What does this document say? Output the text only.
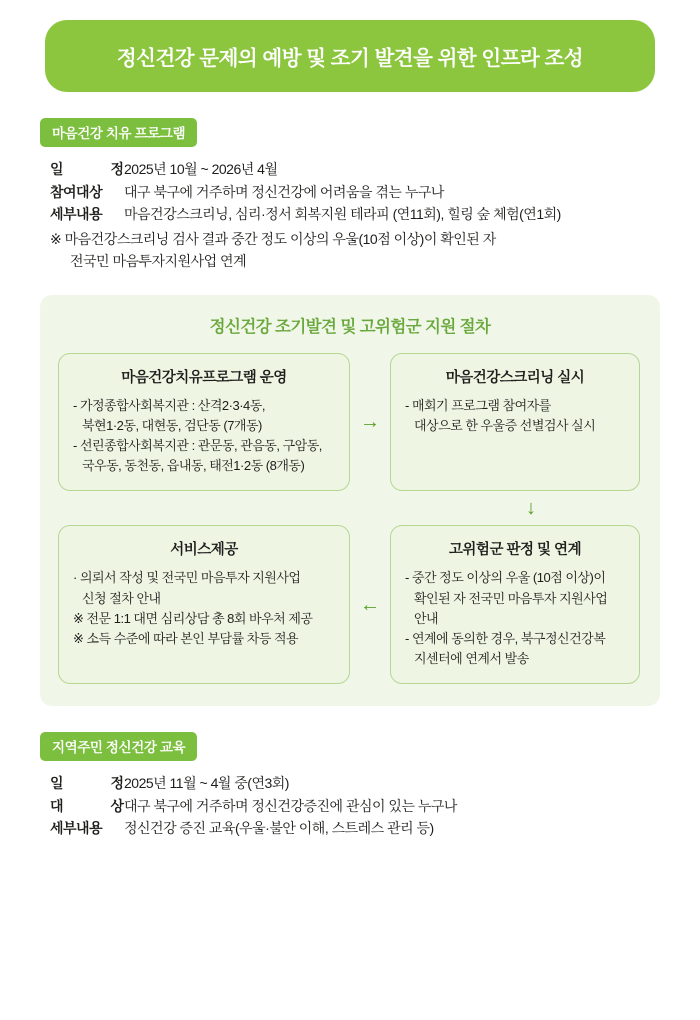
정신건강 문제의 예방 및 조기 발견을 위한 인프라 조성
마음건강 치유 프로그램
일	정 2025년 10월 ~ 2026년 4월
참여대상 대구 북구에 거주하며 정신건강에 어려움을 겪는 누구나
세부내용 마음건강스크리닝, 심리·정서 회복지원 테라피 (연11회), 힐링 숲 체험(연1회)
※ 마음건강스크리닝 검사 결과 중간 정도 이상의 우울(10점 이상)이 확인된 자
전국민 마음투자지원사업 연계
정신건강 조기발견 및 고위험군 지원 절차
마음건강치유프로그램 운영
- 가정종합사회복지관 : 산격2·3·4동,
북현1·2동, 대현동, 검단동 (7개동)
- 선린종합사회복지관 : 관문동, 관음동, 구암동,
국우동, 동천동, 읍내동, 태전1·2동 (8개동)
→
마음건강스크리닝 실시
- 매회기 프로그램 참여자를
대상으로 한 우울증 선별검사 실시
↓
서비스제공
· 의뢰서 작성 및 전국민 마음투자 지원사업
신청 절차 안내
※ 전문 1:1 대면 심리상담 총 8회 바우처 제공
※ 소득 수준에 따라 본인 부담률 차등 적용
←
고위험군 판정 및 연계
- 중간 정도 이상의 우울 (10점 이상)이
확인된 자 전국민 마음투자 지원사업
안내
- 연계에 동의한 경우, 북구정신건강복
지센터에 연계서 발송
지역주민 정신건강 교육
일	정 2025년 11월 ~ 4월 중(연3회)
대	상 대구 북구에 거주하며 정신건강증진에 관심이 있는 누구나
세부내용 정신건강 증진 교육(우울·불안 이해, 스트레스 관리 등)
